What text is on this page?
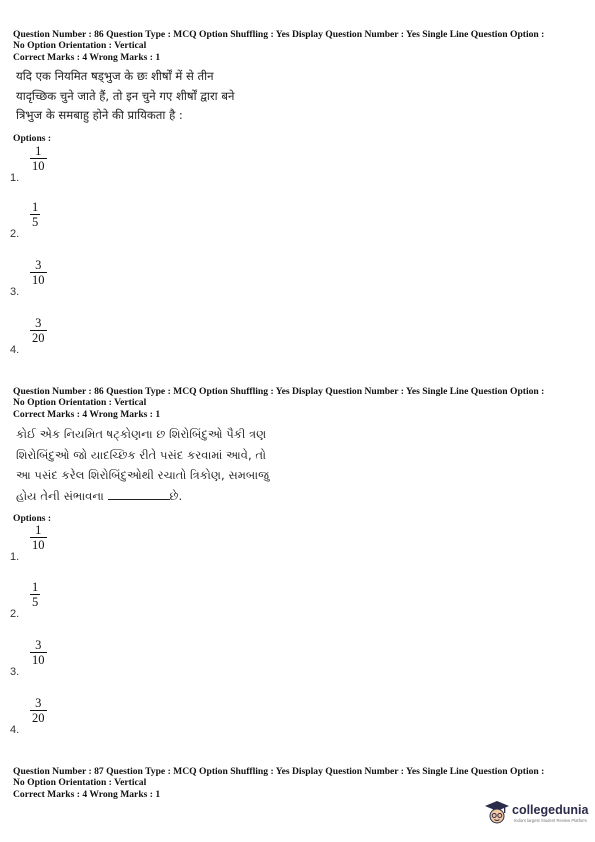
Question Number : 86 Question Type : MCQ Option Shuffling : Yes Display Question Number : Yes Single Line Question Option :
No Option Orientation : Vertical
Correct Marks : 4 Wrong Marks : 1
यदि एक नियमित षड्भुज के छः शीर्षों में से तीन
यादृच्छिक चुने जाते हैं, तो इन चुने गए शीर्षों द्वारा बने
त्रिभुज के समबाहु होने की प्रायिकता है :
Options :
1.
1
10
2.
1
5
3.
3
10
4.
3
20
Question Number : 86 Question Type : MCQ Option Shuffling : Yes Display Question Number : Yes Single Line Question Option :
No Option Orientation : Vertical
Correct Marks : 4 Wrong Marks : 1
કોઈ એક નિયમિત ષટ્કોણના છ શિરોબિંદુઓ પૈકી ત્રણ
શિરોબિંદુઓ જો યાદચ્છિક રીતે પસંદ કરવામાં આવે, તો
આ પસંદ કરેલ શિરોબિંદુઓથી રચાતો ત્રિકોણ, સમબાજુ
હોય તેની સંભાવના	છે.
Options :
1.
1
10
2.
1
5
3.
3
10
4.
3
20
Question Number : 87 Question Type : MCQ Option Shuffling : Yes Display Question Number : Yes Single Line Question Option :
No Option Orientation : Vertical
Correct Marks : 4 Wrong Marks : 1
collegedunia
India's largest Student Review Platform
